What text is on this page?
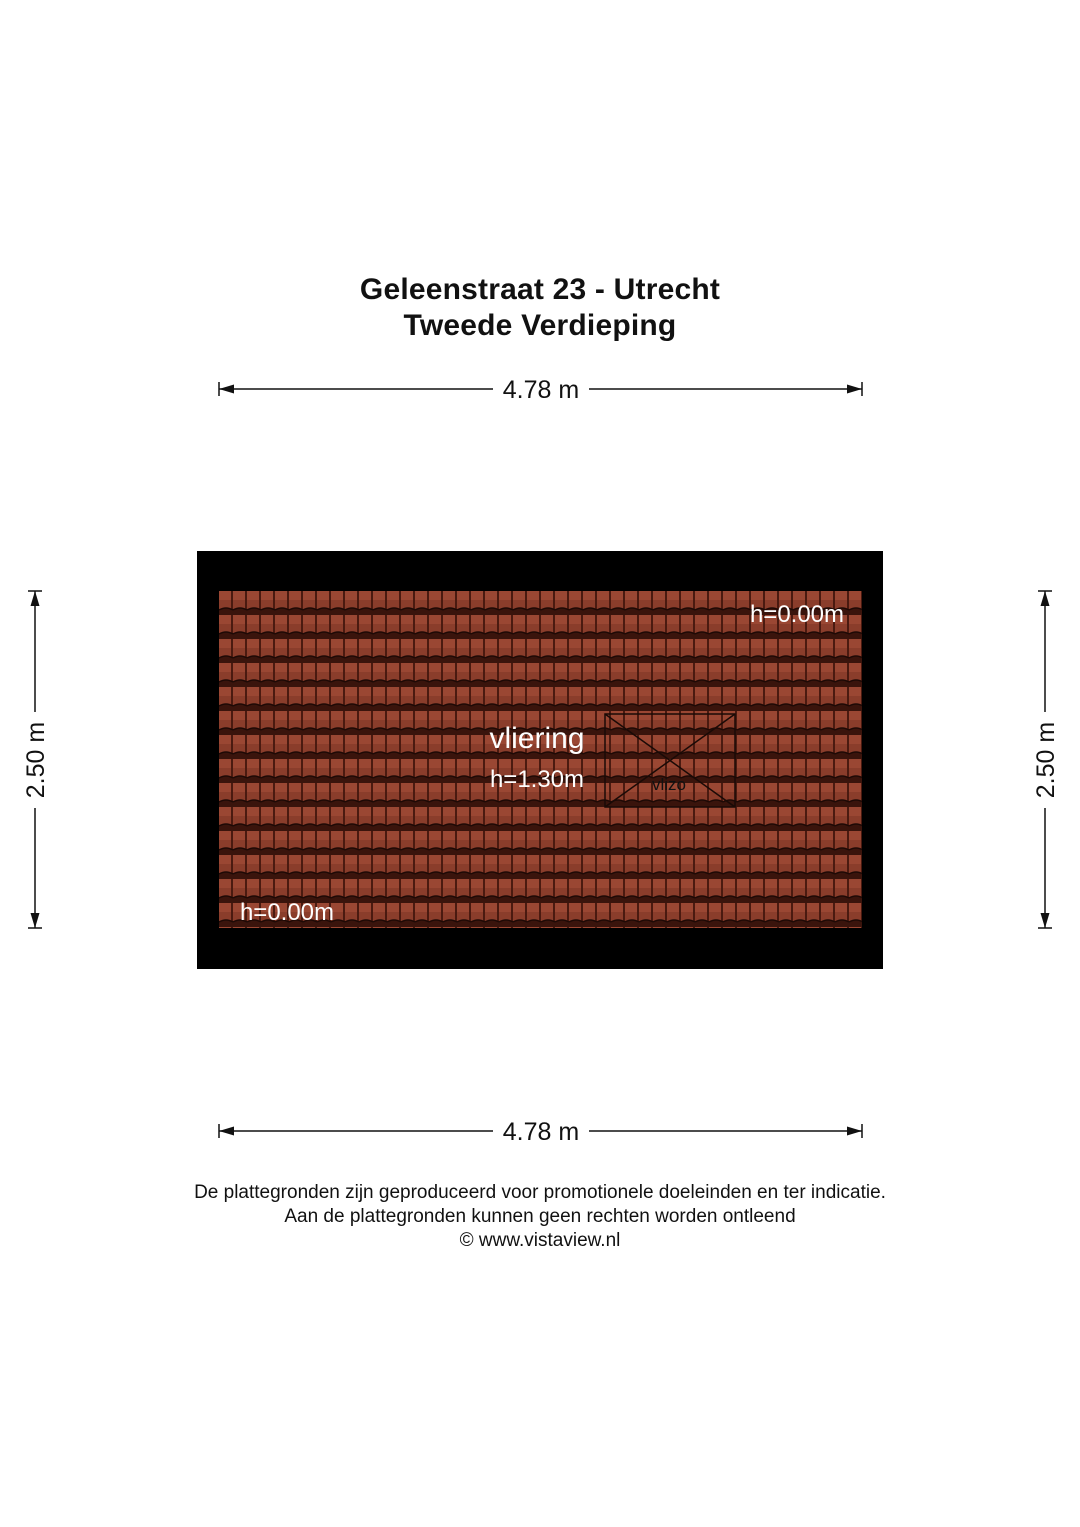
Geleenstraat 23 - Utrecht
Tweede Verdieping
4.78 m
4.78 m
2.50 m	2.50 m
vlizo
vliering
h=1.30m
h=0.00m
h=0.00m
De plattegronden zijn geproduceerd voor promotionele doeleinden en ter indicatie.
Aan de plattegronden kunnen geen rechten worden ontleend
© www.vistaview.nl
